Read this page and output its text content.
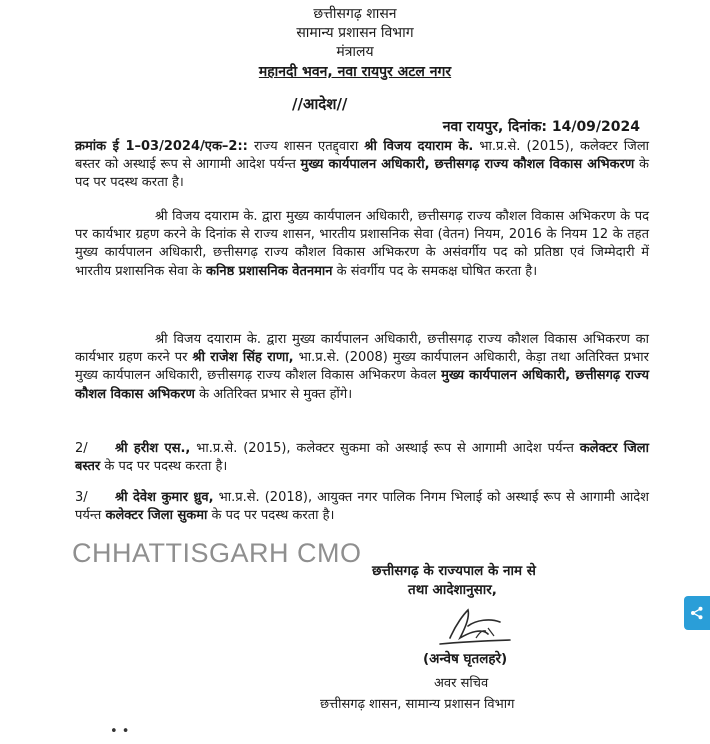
छत्तीसगढ़ शासन
सामान्य प्रशासन विभाग
मंत्रालय
महानदी भवन, नवा रायपुर अटल नगर
//आदेश//
नवा रायपुर, दिनांक: 14/09/2024

क्रमांक ई 1–03/2024/एक–2:: राज्य शासन एतद्द्वारा श्री विजय दयाराम के. भा.प्र.से. (2015), कलेक्टर जिला बस्तर को अस्थाई रूप से आगामी आदेश पर्यन्त मुख्य कार्यपालन अधिकारी, छत्तीसगढ़ राज्य कौशल विकास अभिकरण के पद पर पदस्थ करता है।

श्री विजय दयाराम के. द्वारा मुख्य कार्यपालन अधिकारी, छत्तीसगढ़ राज्य कौशल विकास अभिकरण के पद पर कार्यभार ग्रहण करने के दिनांक से राज्य शासन, भारतीय प्रशासनिक सेवा (वेतन) नियम, 2016 के नियम 12 के तहत मुख्य कार्यपालन अधिकारी, छत्तीसगढ़ राज्य कौशल विकास अभिकरण के असंवर्गीय पद को प्रतिष्ठा एवं जिम्मेदारी में भारतीय प्रशासनिक सेवा के कनिष्ठ प्रशासनिक वेतनमान के संवर्गीय पद के समकक्ष घोषित करता है।

श्री विजय दयाराम के. द्वारा मुख्य कार्यपालन अधिकारी, छत्तीसगढ़ राज्य कौशल विकास अभिकरण का कार्यभार ग्रहण करने पर श्री राजेश सिंह राणा, भा.प्र.से. (2008) मुख्य कार्यपालन अधिकारी, केड़ा तथा अतिरिक्त प्रभार मुख्य कार्यपालन अधिकारी, छत्तीसगढ़ राज्य कौशल विकास अभिकरण केवल मुख्य कार्यपालन अधिकारी, छत्तीसगढ़ राज्य कौशल विकास अभिकरण के अतिरिक्त प्रभार से मुक्त होंगे।

2/ श्री हरीश एस., भा.प्र.से. (2015), कलेक्टर सुकमा को अस्थाई रूप से आगामी आदेश पर्यन्त कलेक्टर जिला बस्तर के पद पर पदस्थ करता है।

3/ श्री देवेश कुमार ध्रुव, भा.प्र.से. (2018), आयुक्त नगर पालिक निगम भिलाई को अस्थाई रूप से आगामी आदेश पर्यन्त कलेक्टर जिला सुकमा के पद पर पदस्थ करता है।

CHHATTISGARH CMO
छत्तीसगढ़ के राज्यपाल के नाम से
तथा आदेशानुसार,
(अन्वेष घृतलहरे)
अवर सचिव
छत्तीसगढ़ शासन, सामान्य प्रशासन विभाग
• •
